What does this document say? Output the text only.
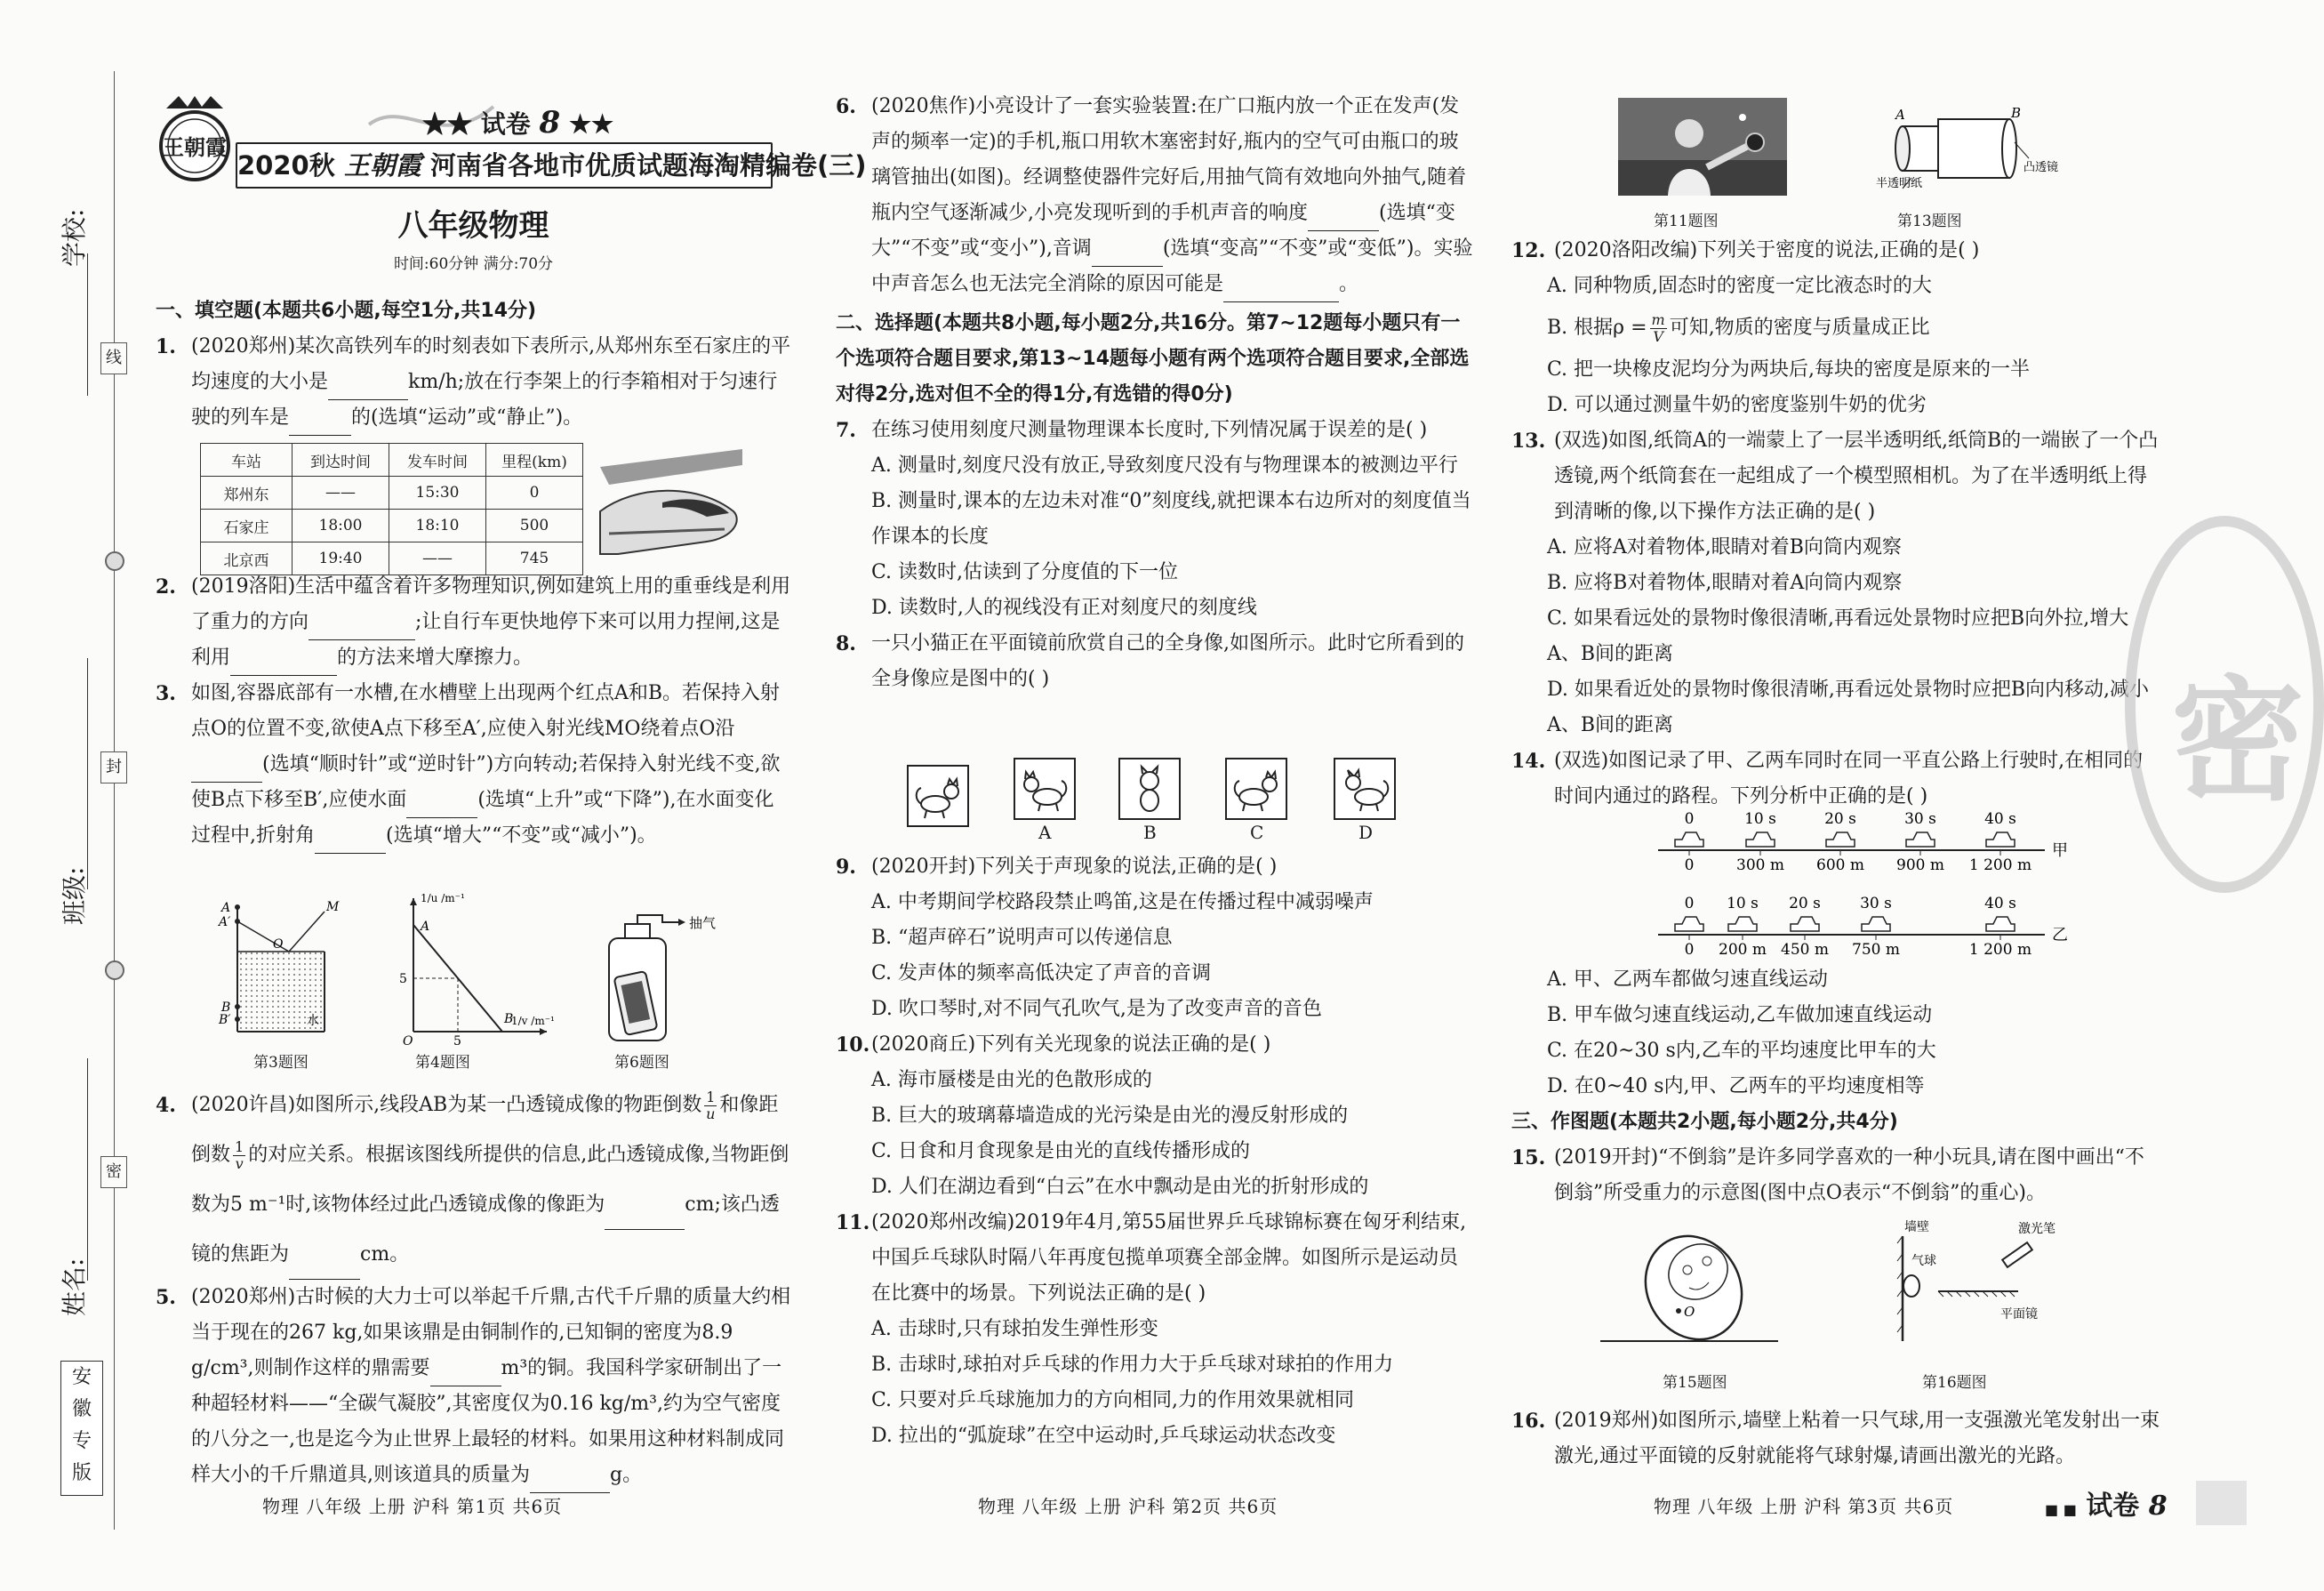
线
封
密
学校:
班级:
姓名:
安
徽
专
版
王朝霞
★★ 试卷 8 ★★
2020秋 王朝霞 河南省各地市优质试题海淘精编卷(三)
八年级物理
时间:60分钟 满分:70分

一、填空题(本题共6小题,每空1分,共14分)

1. (2020郑州)某次高铁列车的时刻表如下表所示,从郑州东至石家庄的平均速度的大小是	km/h;放在行李架上的行李箱相对于匀速行驶的列车是	的(选填“运动”或“静止”)。
车站	到达时间	发车时间	里程(km)
郑州东	——	15:30	0
石家庄	18:00	18:10	500
北京西	19:40	——	745
2. (2019洛阳)生活中蕴含着许多物理知识,例如建筑上用的重垂线是利用了重力的方向	;让自行车更快地停下来可以用力捏闸,这是利用	的方法来增大摩擦力。
3. 如图,容器底部有一水槽,在水槽壁上出现两个红点A和B。若保持入射点O的位置不变,欲使A点下移至A′,应使入射光线MO绕着点O沿(选填“顺时针”或“逆时针”)方向转动;若保持入射光线不变,欲使B点下移至B′,应使水面	(选填“上升”或“下降”),在水面变化过程中,折射角	(选填“增大”“不变”或“减小”)。
A
A′
B
B′
M
O
水
第3题图
1/u /m⁻¹
1/v /m⁻¹
5
5
O
A
B
第4题图
抽气
第6题图
4. (2020许昌)如图所示,线段AB为某一凸透镜成像的物距倒数 $\frac{1}{u}$ 和像距倒数 $\frac{1}{v}$ 的对应关系。根据该图线所提供的信息,此凸透镜成像,当物距倒数为5 m⁻¹时,该物体经过此凸透镜成像的像距为	cm;该凸透镜的焦距为	cm。
5. (2020郑州)古时候的大力士可以举起千斤鼎,古代千斤鼎的质量大约相当于现在的267 kg,如果该鼎是由铜制作的,已知铜的密度为8.9 g/cm³,则制作这样的鼎需要	m³的铜。我国科学家研制出了一种超轻材料——“全碳气凝胶”,其密度仅为0.16 kg/m³,约为空气密度的八分之一,也是迄今为止世界上最轻的材料。如果用这种材料制成同样大小的千斤鼎道具,则该道具的质量为	g。
物理 八年级 上册 沪科 第1页 共6页
6. (2020焦作)小亮设计了一套实验装置:在广口瓶内放一个正在发声(发声的频率一定)的手机,瓶口用软木塞密封好,瓶内的空气可由瓶口的玻璃管抽出(如图)。经调整使器件完好后,用抽气筒有效地向外抽气,随着瓶内空气逐渐减少,小亮发现听到的手机声音的响度	(选填“变大”“不变”或“变小”),音调	(选填“变高”“不变”或“变低”)。实验中声音怎么也无法完全消除的原因可能是	。

二、选择题(本题共8小题,每小题2分,共16分。第7~12题每小题只有一个选项符合题目要求,第13~14题每小题有两个选项符合题目要求,全部选对得2分,选对但不全的得1分,有选错的得0分)

7. 在练习使用刻度尺测量物理课本长度时,下列情况属于误差的是( )
A. 测量时,刻度尺没有放正,导致刻度尺没有与物理课本的被测边平行
B. 测量时,课本的左边未对准“0”刻度线,就把课本右边所对的刻度值当作课本的长度
C. 读数时,估读到了分度值的下一位
D. 读数时,人的视线没有正对刻度尺的刻度线
8. 一只小猫正在平面镜前欣赏自己的全身像,如图所示。此时它所看到的全身像应是图中的( )
A	B	C	D
9. (2020开封)下列关于声现象的说法,正确的是( )
A. 中考期间学校路段禁止鸣笛,这是在传播过程中减弱噪声
B. “超声碎石”说明声可以传递信息
C. 发声体的频率高低决定了声音的音调
D. 吹口琴时,对不同气孔吹气,是为了改变声音的音色
10. (2020商丘)下列有关光现象的说法正确的是( )
A. 海市蜃楼是由光的色散形成的
B. 巨大的玻璃幕墙造成的光污染是由光的漫反射形成的
C. 日食和月食现象是由光的直线传播形成的
D. 人们在湖边看到“白云”在水中飘动是由光的折射形成的
11. (2020郑州改编)2019年4月,第55届世界乒乓球锦标赛在匈牙利结束,中国乒乓球队时隔八年再度包揽单项赛全部金牌。如图所示是运动员在比赛中的场景。下列说法正确的是( )
A. 击球时,只有球拍发生弹性形变
B. 击球时,球拍对乒乓球的作用力大于乒乓球对球拍的作用力
C. 只要对乒乓球施加力的方向相同,力的作用效果就相同
D. 拉出的“弧旋球”在空中运动时,乒乓球运动状态改变
物理 八年级 上册 沪科 第2页 共6页
第11题图
A	B
半透明纸
凸透镜
第13题图
12. (2020洛阳改编)下列关于密度的说法,正确的是( )
A. 同种物质,固态时的密度一定比液态时的大
B. 根据$\rho = \frac{m}{V}$ 可知,物质的密度与质量成正比
C. 把一块橡皮泥均分为两块后,每块的密度是原来的一半
D. 可以通过测量牛奶的密度鉴别牛奶的优劣
13. (双选)如图,纸筒A的一端蒙上了一层半透明纸,纸筒B的一端嵌了一个凸透镜,两个纸筒套在一起组成了一个模型照相机。为了在半透明纸上得到清晰的像,以下操作方法正确的是( )
A. 应将A对着物体,眼睛对着B向筒内观察
B. 应将B对着物体,眼睛对着A向筒内观察
C. 如果看远处的景物时像很清晰,再看远处景物时应把B向外拉,增大A、B间的距离
D. 如果看近处的景物时像很清晰,再看远处景物时应把B向内移动,减小A、B间的距离
14. (双选)如图记录了甲、乙两车同时在同一平直公路上行驶时,在相同的时间内通过的路程。下列分析中正确的是( )
0
0
10 s
300 m
20 s
600 m
30 s
900 m
40 s
1 200 m
甲
0
0
10 s
200 m
20 s
450 m
30 s
750 m
40 s
1 200 m
乙
A. 甲、乙两车都做匀速直线运动
B. 甲车做匀速直线运动,乙车做加速直线运动
C. 在20~30 s内,乙车的平均速度比甲车的大
D. 在0~40 s内,甲、乙两车的平均速度相等

三、作图题(本题共2小题,每小题2分,共4分)

15. (2019开封)“不倒翁”是许多同学喜欢的一种小玩具,请在图中画出“不倒翁”所受重力的示意图(图中点O表示“不倒翁”的重心)。
O
第15题图
墙壁
气球
激光笔
平面镜
第16题图
16. (2019郑州)如图所示,墙壁上粘着一只气球,用一支强激光笔发射出一束激光,通过平面镜的反射就能将气球射爆,请画出激光的光路。
物理 八年级 上册 沪科 第3页 共6页	■ ■ 试卷 8
密
